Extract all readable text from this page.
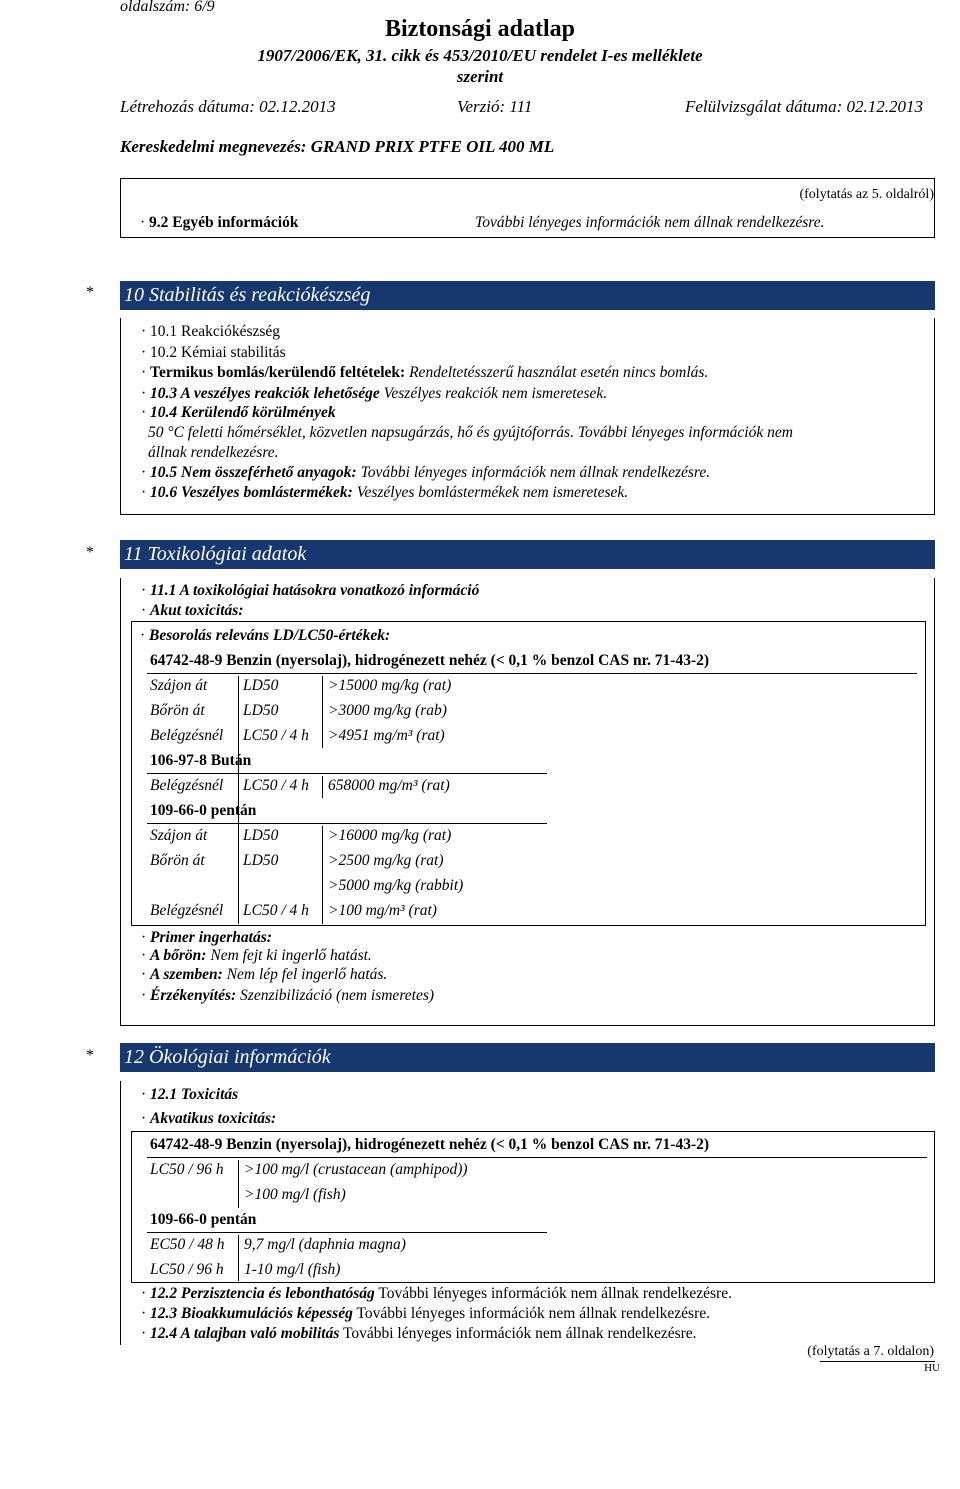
oldalszám: 6/9
Biztonsági adatlap
1907/2006/EK, 31. cikk és 453/2010/EU rendelet I-es melléklete
szerint
Létrehozás dátuma: 02.12.2013	Verzió: 111	Felülvizsgálat dátuma: 02.12.2013
Kereskedelmi megnevezés: GRAND PRIX PTFE OIL 400 ML
(folytatás az 5. oldalról)
· 9.2 Egyéb információk	További lényeges információk nem állnak rendelkezésre.
* 10 Stabilitás és reakciókészség
· 10.1 Reakciókészség
· 10.2 Kémiai stabilitás
· Termikus bomlás/kerülendő feltételek: Rendeltetésszerű használat esetén nincs bomlás.
· 10.3 A veszélyes reakciók lehetősége Veszélyes reakciók nem ismeretesek.
· 10.4 Kerülendő körülmények
50 °C feletti hőmérséklet, közvetlen napsugárzás, hő és gyújtóforrás. További lényeges információk nem
állnak rendelkezésre.
· 10.5 Nem összeférhető anyagok: További lényeges információk nem állnak rendelkezésre.
· 10.6 Veszélyes bomlástermékek: Veszélyes bomlástermékek nem ismeretesek.
* 11 Toxikológiai adatok
· 11.1 A toxikológiai hatásokra vonatkozó információ
· Akut toxicitás:
· Besorolás releváns LD/LC50-értékek:
64742-48-9 Benzin (nyersolaj), hidrogénezett nehéz (< 0,1 % benzol CAS nr. 71-43-2)
Szájon át LD50	>15000 mg/kg (rat)
Bőrön át LD50	>3000 mg/kg (rab)
Belégzésnél LC50 / 4 h >4951 mg/m³ (rat)
106-97-8 Bután
Belégzésnél LC50 / 4 h 658000 mg/m³ (rat)
109-66-0 pentán
Szájon át LD50	>16000 mg/kg (rat)
Bőrön át LD50	>2500 mg/kg (rat)
>5000 mg/kg (rabbit)
Belégzésnél LC50 / 4 h >100 mg/m³ (rat)
· Primer ingerhatás:
· A bőrön: Nem fejt ki ingerlő hatást.
· A szemben: Nem lép fel ingerlő hatás.
· Érzékenyítés: Szenzibilizáció (nem ismeretes)
* 12 Ökológiai információk
· 12.1 Toxicitás
· Akvatikus toxicitás:
64742-48-9 Benzin (nyersolaj), hidrogénezett nehéz (< 0,1 % benzol CAS nr. 71-43-2)
LC50 / 96 h >100 mg/l (crustacean (amphipod))
>100 mg/l (fish)
109-66-0 pentán
EC50 / 48 h 9,7 mg/l (daphnia magna)
LC50 / 96 h 1-10 mg/l (fish)
· 12.2 Perzisztencia és lebonthatóság További lényeges információk nem állnak rendelkezésre.
· 12.3 Bioakkumulációs képesség További lényeges információk nem állnak rendelkezésre.
· 12.4 A talajban való mobilitás További lényeges információk nem állnak rendelkezésre.
(folytatás a 7. oldalon)
HU
